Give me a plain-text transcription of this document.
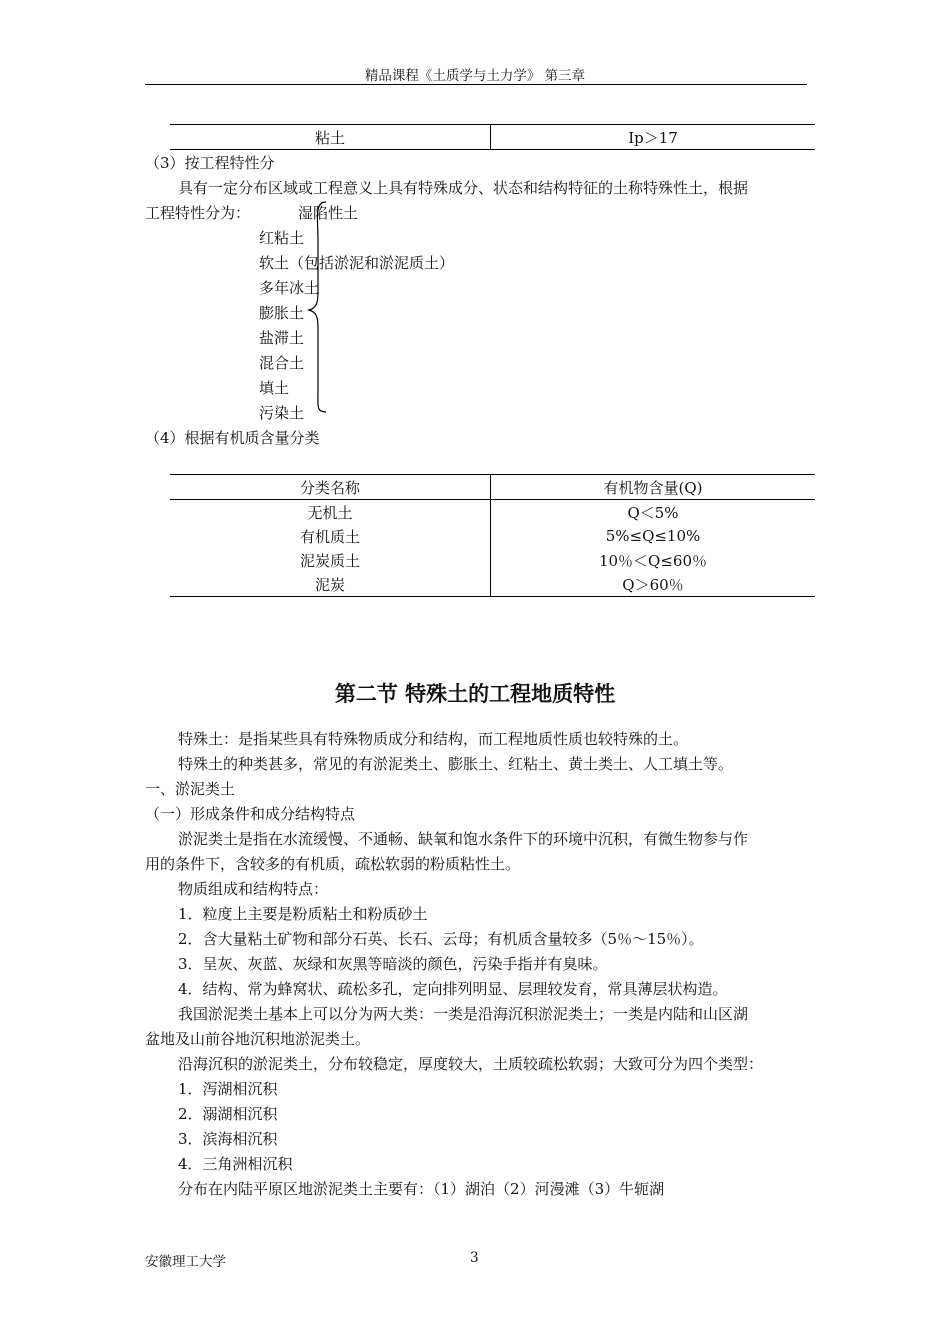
精品课程《土质学与土力学》 第三章
粘土	Ip＞17
（3）按工程特性分
具有一定分布区域或工程意义上具有特殊成分、状态和结构特征的土称特殊性土，根据
工程特性分为：	湿陷性土
红粘土
软土（包括淤泥和淤泥质土）
多年冰土
膨胀土
盐滞土
混合土
填土
污染土
（4）根据有机质含量分类
分类名称	有机物含量(Q)
无机土	Q＜5%
有机质土	5%≤Q≤10%
泥炭质土	10％＜Q≤60％
泥炭	Q＞60％
第二节 特殊土的工程地质特性
特殊土：是指某些具有特殊物质成分和结构，而工程地质性质也较特殊的土。
特殊土的种类甚多，常见的有淤泥类土、膨胀土、红粘土、黄土类土、人工填土等。
一、淤泥类土
（一）形成条件和成分结构特点
淤泥类土是指在水流缓慢、不通畅、缺氧和饱水条件下的环境中沉积，有微生物参与作
用的条件下，含较多的有机质，疏松软弱的粉质粘性土。
物质组成和结构特点：
1．粒度上主要是粉质粘土和粉质砂土
2．含大量粘土矿物和部分石英、长石、云母；有机质含量较多（5％～15％）。
3．呈灰、灰蓝、灰绿和灰黑等暗淡的颜色，污染手指并有臭味。
4．结构、常为蜂窝状、疏松多孔，定向排列明显、层理较发育，常具薄层状构造。
我国淤泥类土基本上可以分为两大类：一类是沿海沉积淤泥类土；一类是内陆和山区湖
盆地及山前谷地沉积地淤泥类土。
沿海沉积的淤泥类土，分布较稳定，厚度较大，土质较疏松软弱；大致可分为四个类型：
1．泻湖相沉积
2．溺湖相沉积
3．滨海相沉积
4．三角洲相沉积
分布在内陆平原区地淤泥类土主要有：（1）湖泊（2）河漫滩（3）牛轭湖
安徽理工大学	3
